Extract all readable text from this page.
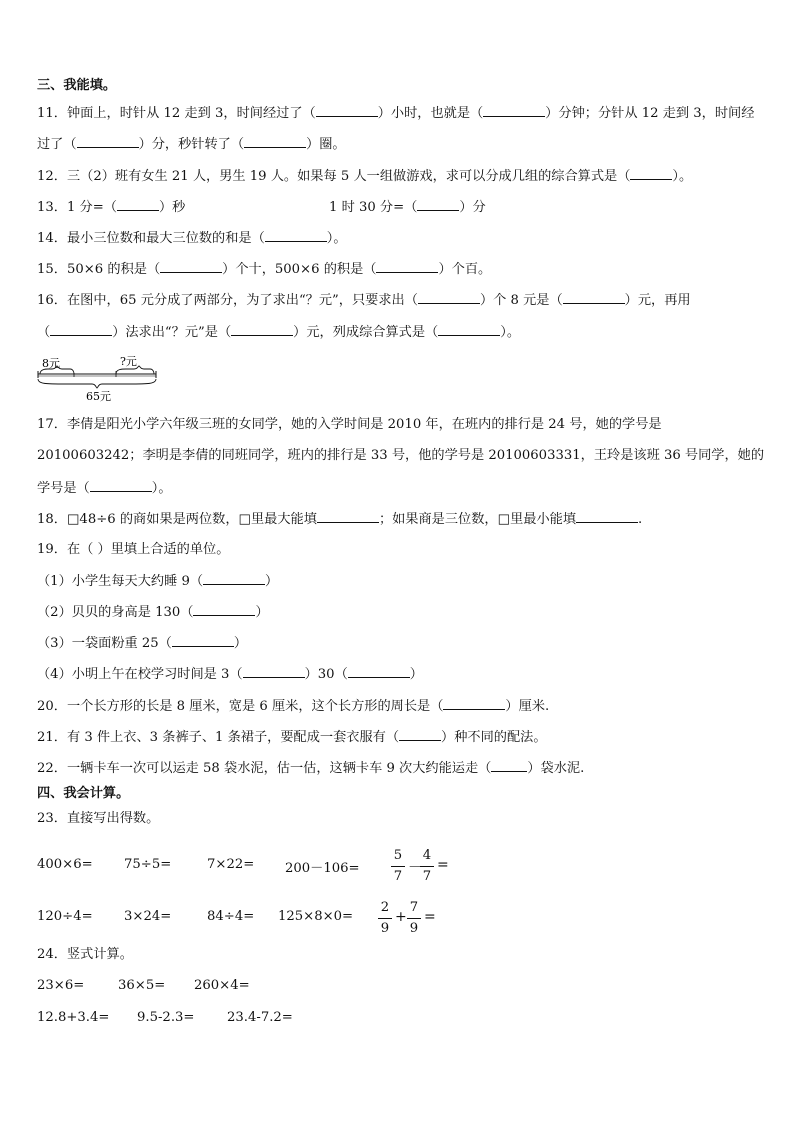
三、我能填。
11．钟面上，时针从 12 走到 3，时间经过了（	）小时，也就是（	）分钟；分针从 12 走到 3，时间经
过了（	）分，秒针转了（	）圈。
12．三（2）班有女生 21 人，男生 19 人。如果每 5 人一组做游戏，求可以分成几组的综合算式是（	）。
13．1 分=（	）秒	1 时 30 分=（	）分
14．最小三位数和最大三位数的和是（	）。
15．50×6 的积是（	）个十，500×6 的积是（	）个百。
16．在图中，65 元分成了两部分，为了求出“？元”，只要求出（	）个 8 元是（	）元，再用
（	）法求出“？元”是（	）元，列成综合算式是（	）。
8元	?元
65元
17．李倩是阳光小学六年级三班的女同学，她的入学时间是 2010 年，在班内的排行是 24 号，她的学号是
20100603242；李明是李倩的同班同学，班内的排行是 33 号，他的学号是 20100603331，王玲是该班 36 号同学，她的
学号是（	）。
18．□48÷6 的商如果是两位数，□里最大能填	；如果商是三位数，□里最小能填	.
19．在（ ）里填上合适的单位。
（1）小学生每天大约睡 9（	）
（2）贝贝的身高是 130（	）
（3）一袋面粉重 25（	）
（4）小明上午在校学习时间是 3（	）30（	）
20．一个长方形的长是 8 厘米，宽是 6 厘米，这个长方形的周长是（	）厘米.
21．有 3 件上衣、3 条裤子、1 条裙子，要配成一套衣服有（	）种不同的配法。
22．一辆卡车一次可以运走 58 袋水泥，估一估，这辆卡车 9 次大约能运走（	）袋水泥.
四、我会计算。
23．直接写出得数。
400×6= 75÷5=	7×22= 200－106=
5
7
－
4
7
=
120÷4= 3×24=	84÷4= 125×8×0=
2
9
+
7
9
=
24．竖式计算。
23×6=	36×5= 260×4=
12.8+3.4= 9.5-2.3= 23.4-7.2=
